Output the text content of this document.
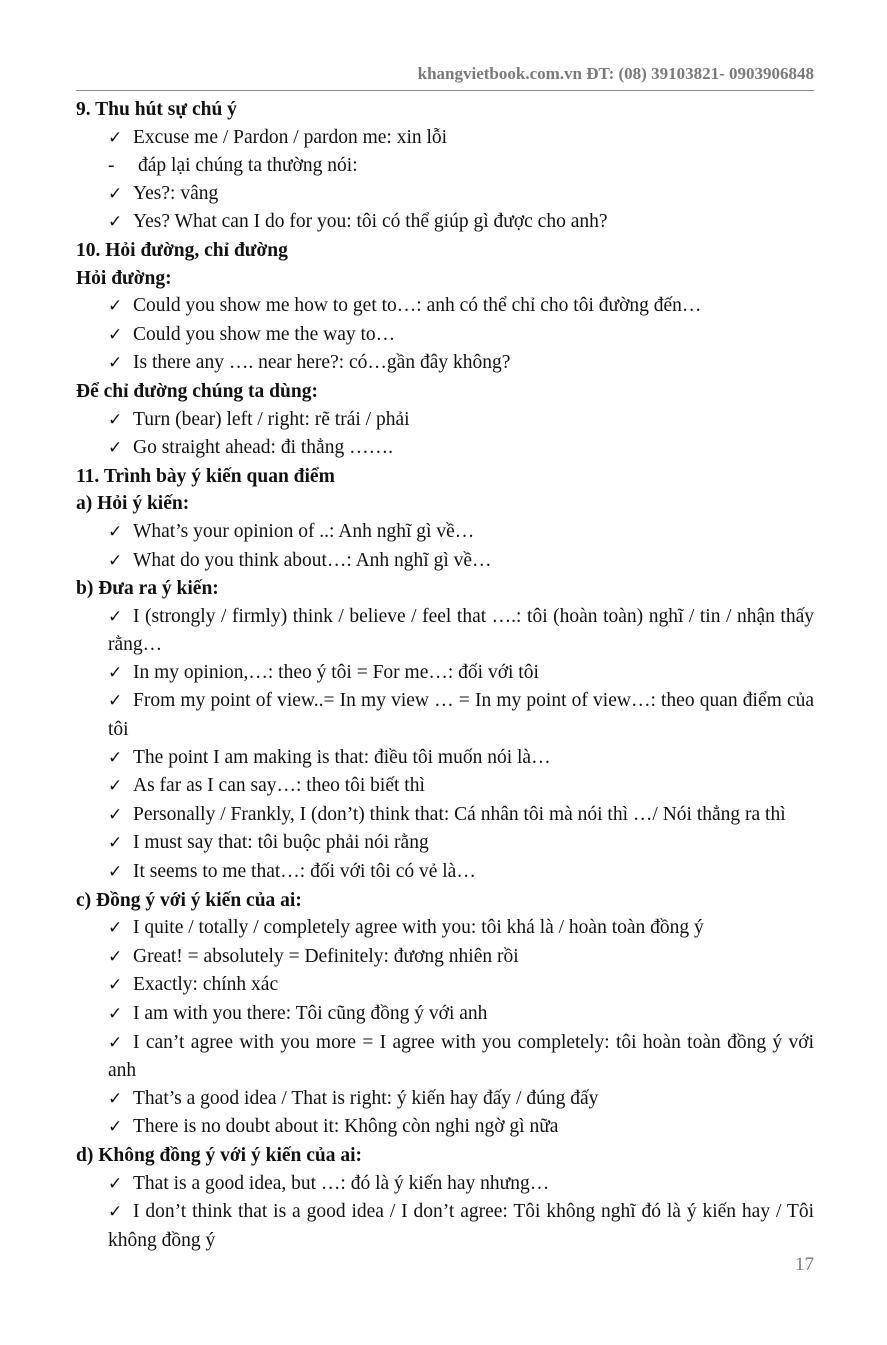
khangvietbook.com.vn ĐT: (08) 39103821- 0903906848
9. Thu hút sự chú ý
✓ Excuse me / Pardon / pardon me: xin lỗi
- đáp lại chúng ta thường nói:
✓ Yes?: vâng
✓ Yes? What can I do for you: tôi có thể giúp gì được cho anh?
10. Hỏi đường, chỉ đường
Hỏi đường:
✓ Could you show me how to get to…: anh có thể chỉ cho tôi đường đến…
✓ Could you show me the way to…
✓ Is there any …. near here?: có…gần đây không?
Để chỉ đường chúng ta dùng:
✓ Turn (bear) left / right: rẽ trái / phải
✓ Go straight ahead: đi thẳng …….
11. Trình bày ý kiến quan điểm
a) Hỏi ý kiến:
✓ What’s your opinion of ..: Anh nghĩ gì về…
✓ What do you think about…: Anh nghĩ gì về…
b) Đưa ra ý kiến:
✓ I (strongly / firmly) think / believe / feel that ….: tôi (hoàn toàn) nghĩ / tin / nhận thấy rằng…
✓ In my opinion,…: theo ý tôi = For me…: đối với tôi
✓ From my point of view..= In my view … = In my point of view…: theo quan điểm của tôi
✓ The point I am making is that: điều tôi muốn nói là…
✓ As far as I can say…: theo tôi biết thì
✓ Personally / Frankly, I (don’t) think that: Cá nhân tôi mà nói thì …/ Nói thẳng ra thì
✓ I must say that: tôi buộc phải nói rằng
✓ It seems to me that…: đối với tôi có vẻ là…
c) Đồng ý với ý kiến của ai:
✓ I quite / totally / completely agree with you: tôi khá là / hoàn toàn đồng ý
✓ Great! = absolutely = Definitely: đương nhiên rồi
✓ Exactly: chính xác
✓ I am with you there: Tôi cũng đồng ý với anh
✓ I can’t agree with you more = I agree with you completely: tôi hoàn toàn đồng ý với anh
✓ That’s a good idea / That is right: ý kiến hay đấy / đúng đấy
✓ There is no doubt about it: Không còn nghi ngờ gì nữa
d) Không đồng ý với ý kiến của ai:
✓ That is a good idea, but …: đó là ý kiến hay nhưng…
✓ I don’t think that is a good idea / I don’t agree: Tôi không nghĩ đó là ý kiến hay / Tôi không đồng ý
17
